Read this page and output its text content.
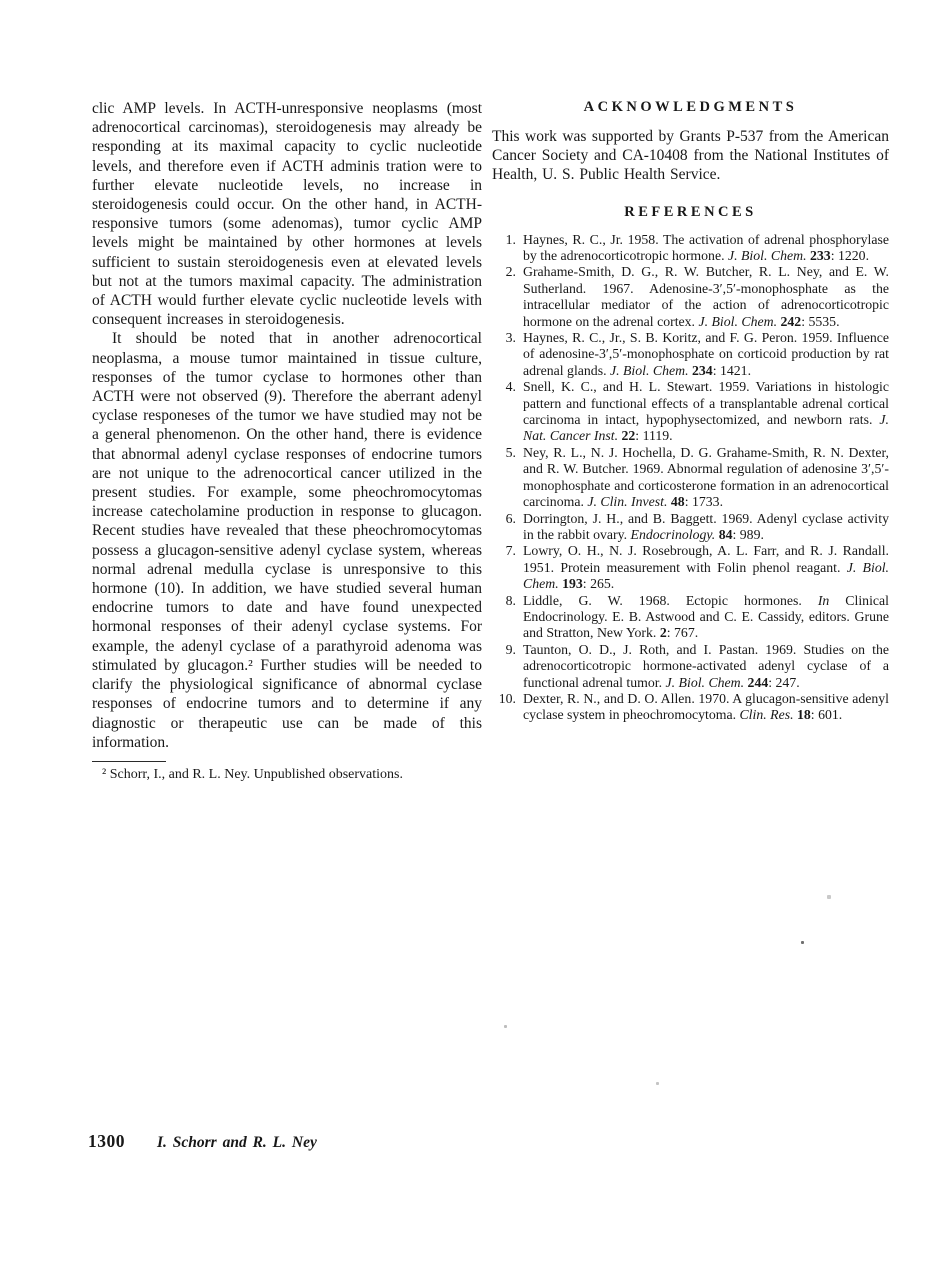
clic AMP levels. In ACTH-unresponsive neoplasms (most adrenocortical carcinomas), steroidogenesis may already be responding at its maximal capacity to cyclic nucleotide levels, and therefore even if ACTH adminis tration were to further elevate nucleotide levels, no increase in steroidogenesis could occur. On the other hand, in ACTH-responsive tumors (some adenomas), tumor cyclic AMP levels might be maintained by other hormones at levels sufficient to sustain steroidogenesis even at elevated levels but not at the tumors maximal capacity. The administration of ACTH would further elevate cyclic nucleotide levels with consequent increases in steroidogenesis.

It should be noted that in another adrenocortical neoplasma, a mouse tumor maintained in tissue culture, responses of the tumor cyclase to hormones other than ACTH were not observed (9). Therefore the aberrant adenyl cyclase responeses of the tumor we have studied may not be a general phenomenon. On the other hand, there is evidence that abnormal adenyl cyclase responses of endocrine tumors are not unique to the adrenocortical cancer utilized in the present studies. For example, some pheochromocytomas increase catecholamine production in response to glucagon. Recent studies have revealed that these pheochromocytomas possess a glucagon-sensitive adenyl cyclase system, whereas normal adrenal medulla cyclase is unresponsive to this hormone (10). In addition, we have studied several human endocrine tumors to date and have found unexpected hormonal responses of their adenyl cyclase systems. For example, the adenyl cyclase of a parathyroid adenoma was stimulated by glucagon.² Further studies will be needed to clarify the physiological significance of abnormal cyclase responses of endocrine tumors and to determine if any diagnostic or therapeutic use can be made of this information.

² Schorr, I., and R. L. Ney. Unpublished observations.

ACKNOWLEDGMENTS

This work was supported by Grants P-537 from the American Cancer Society and CA-10408 from the National Institutes of Health, U. S. Public Health Service.

REFERENCES
1. Haynes, R. C., Jr. 1958. The activation of adrenal phosphorylase by the adrenocorticotropic hormone. J. Biol. Chem. 233: 1220.
2. Grahame-Smith, D. G., R. W. Butcher, R. L. Ney, and E. W. Sutherland. 1967. Adenosine-3′,5′-monophosphate as the intracellular mediator of the action of adrenocorticotropic hormone on the adrenal cortex. J. Biol. Chem. 242: 5535.
3. Haynes, R. C., Jr., S. B. Koritz, and F. G. Peron. 1959. Influence of adenosine-3′,5′-monophosphate on corticoid production by rat adrenal glands. J. Biol. Chem. 234: 1421.
4. Snell, K. C., and H. L. Stewart. 1959. Variations in histologic pattern and functional effects of a transplantable adrenal cortical carcinoma in intact, hypophysectomized, and newborn rats. J. Nat. Cancer Inst. 22: 1119.
5. Ney, R. L., N. J. Hochella, D. G. Grahame-Smith, R. N. Dexter, and R. W. Butcher. 1969. Abnormal regulation of adenosine 3′,5′-monophosphate and corticosterone formation in an adrenocortical carcinoma. J. Clin. Invest. 48: 1733.
6. Dorrington, J. H., and B. Baggett. 1969. Adenyl cyclase activity in the rabbit ovary. Endocrinology. 84: 989.
7. Lowry, O. H., N. J. Rosebrough, A. L. Farr, and R. J. Randall. 1951. Protein measurement with Folin phenol reagant. J. Biol. Chem. 193: 265.
8. Liddle, G. W. 1968. Ectopic hormones. In Clinical Endocrinology. E. B. Astwood and C. E. Cassidy, editors. Grune and Stratton, New York. 2: 767.
9. Taunton, O. D., J. Roth, and I. Pastan. 1969. Studies on the adrenocorticotropic hormone-activated adenyl cyclase of a functional adrenal tumor. J. Biol. Chem. 244: 247.
10. Dexter, R. N., and D. O. Allen. 1970. A glucagon-sensitive adenyl cyclase system in pheochromocytoma. Clin. Res. 18: 601.
1300 I. Schorr and R. L. Ney
